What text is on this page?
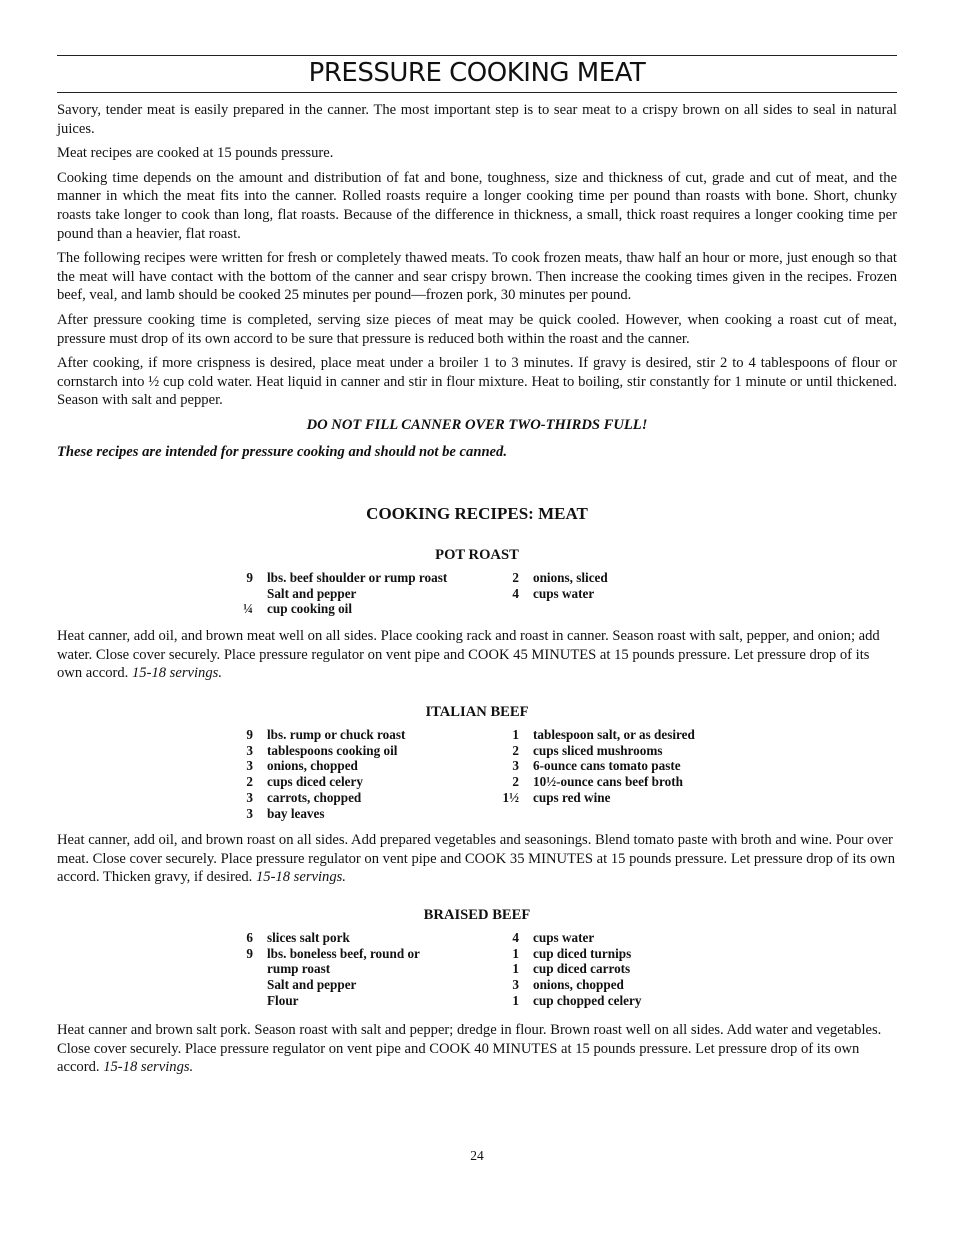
PRESSURE COOKING MEAT

Savory, tender meat is easily prepared in the canner. The most important step is to sear meat to a crispy brown on all sides to seal in natural juices.

Meat recipes are cooked at 15 pounds pressure.

Cooking time depends on the amount and distribution of fat and bone, toughness, size and thickness of cut, grade and cut of meat, and the manner in which the meat fits into the canner. Rolled roasts require a longer cooking time per pound than roasts with bone. Short, chunky roasts take longer to cook than long, flat roasts. Because of the difference in thickness, a small, thick roast requires a longer cooking time per pound than a heavier, flat roast.

The following recipes were written for fresh or completely thawed meats. To cook frozen meats, thaw half an hour or more, just enough so that the meat will have contact with the bottom of the canner and sear crispy brown. Then increase the cooking times given in the recipes. Frozen beef, veal, and lamb should be cooked 25 minutes per pound—frozen pork, 30 minutes per pound.

After pressure cooking time is completed, serving size pieces of meat may be quick cooled. However, when cooking a roast cut of meat, pressure must drop of its own accord to be sure that pressure is reduced both within the roast and the canner.

After cooking, if more crispness is desired, place meat under a broiler 1 to 3 minutes. If gravy is desired, stir 2 to 4 tablespoons of flour or cornstarch into ½ cup cold water. Heat liquid in canner and stir in flour mixture. Heat to boiling, stir constantly for 1 minute or until thickened. Season with salt and pepper.

DO NOT FILL CANNER OVER TWO-THIRDS FULL!

These recipes are intended for pressure cooking and should not be canned.

COOKING RECIPES: MEAT
POT ROAST
9 lbs. beef shoulder or rump roast
Salt and pepper
¼ cup cooking oil
2 onions, sliced
4 cups water

Heat canner, add oil, and brown meat well on all sides. Place cooking rack and roast in canner. Season roast with salt, pepper, and onion; add water. Close cover securely. Place pressure regulator on vent pipe and COOK 45 MINUTES at 15 pounds pressure. Let pressure drop of its own accord. 15-18 servings.

ITALIAN BEEF
9 lbs. rump or chuck roast
3 tablespoons cooking oil
3 onions, chopped
2 cups diced celery
3 carrots, chopped
3 bay leaves
1 tablespoon salt, or as desired
2 cups sliced mushrooms
3 6-ounce cans tomato paste
2 10½-ounce cans beef broth
1½ cups red wine

Heat canner, add oil, and brown roast on all sides. Add prepared vegetables and seasonings. Blend tomato paste with broth and wine. Pour over meat. Close cover securely. Place pressure regulator on vent pipe and COOK 35 MINUTES at 15 pounds pressure. Let pressure drop of its own accord. Thicken gravy, if desired. 15-18 servings.

BRAISED BEEF
6 slices salt pork
9 lbs. boneless beef, round or
rump roast
Salt and pepper
Flour
4 cups water
1 cup diced turnips
1 cup diced carrots
3 onions, chopped
1 cup chopped celery

Heat canner and brown salt pork. Season roast with salt and pepper; dredge in flour. Brown roast well on all sides. Add water and vegetables. Close cover securely. Place pressure regulator on vent pipe and COOK 40 MINUTES at 15 pounds pressure. Let pressure drop of its own accord. 15-18 servings.

24
